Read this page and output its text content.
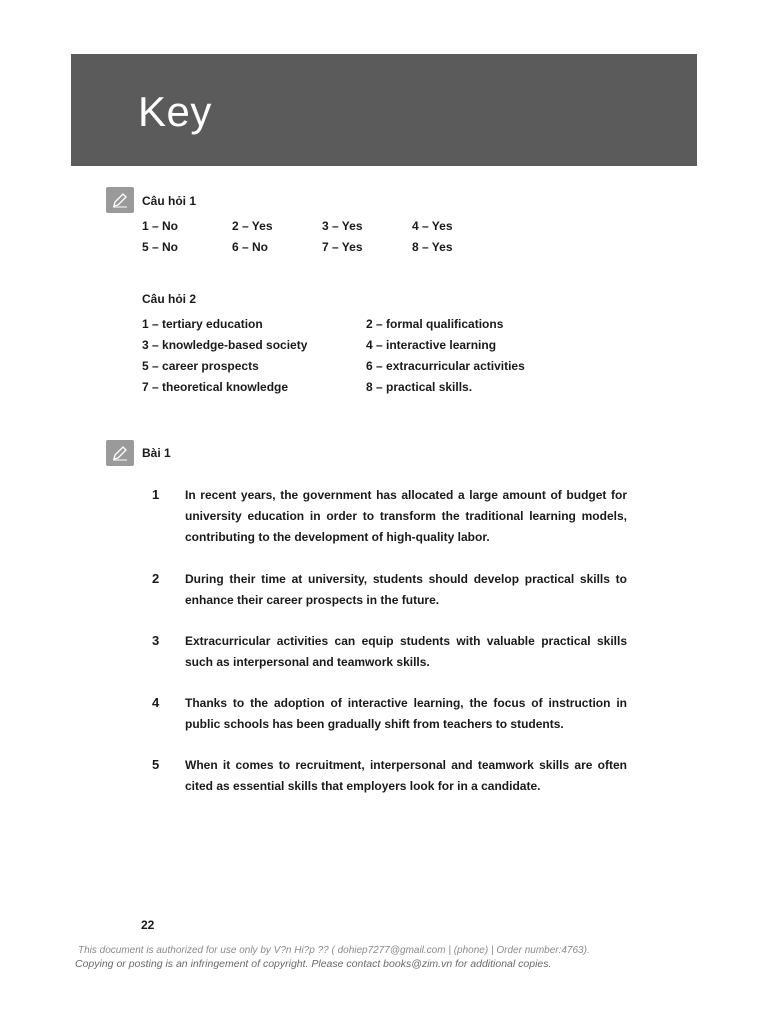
Key
Câu hỏi 1
1 – No	2 – Yes	3 – Yes	4 – Yes
5 – No	6 – No	7 – Yes	8 – Yes
Câu hỏi 2
1 – tertiary education	2 – formal qualifications
3 – knowledge-based society	4 – interactive learning
5 – career prospects	6 – extracurricular activities
7 – theoretical knowledge	8 – practical skills.
Bài 1
1 In recent years, the government has allocated a large amount of budget for university education in order to transform the traditional learning models, contributing to the development of high-quality labor.
2 During their time at university, students should develop practical skills to enhance their career prospects in the future.
3 Extracurricular activities can equip students with valuable practical skills such as interpersonal and teamwork skills.
4 Thanks to the adoption of interactive learning, the focus of instruction in public schools has been gradually shift from teachers to students.
5 When it comes to recruitment, interpersonal and teamwork skills are often cited as essential skills that employers look for in a candidate.
22
This document is authorized for use only by V?n Hi?p ?? ( dohiep7277@gmail.com | (phone) | Order number:4763).
Copying or posting is an infringement of copyright. Please contact books@zim.vn for additional copies.
